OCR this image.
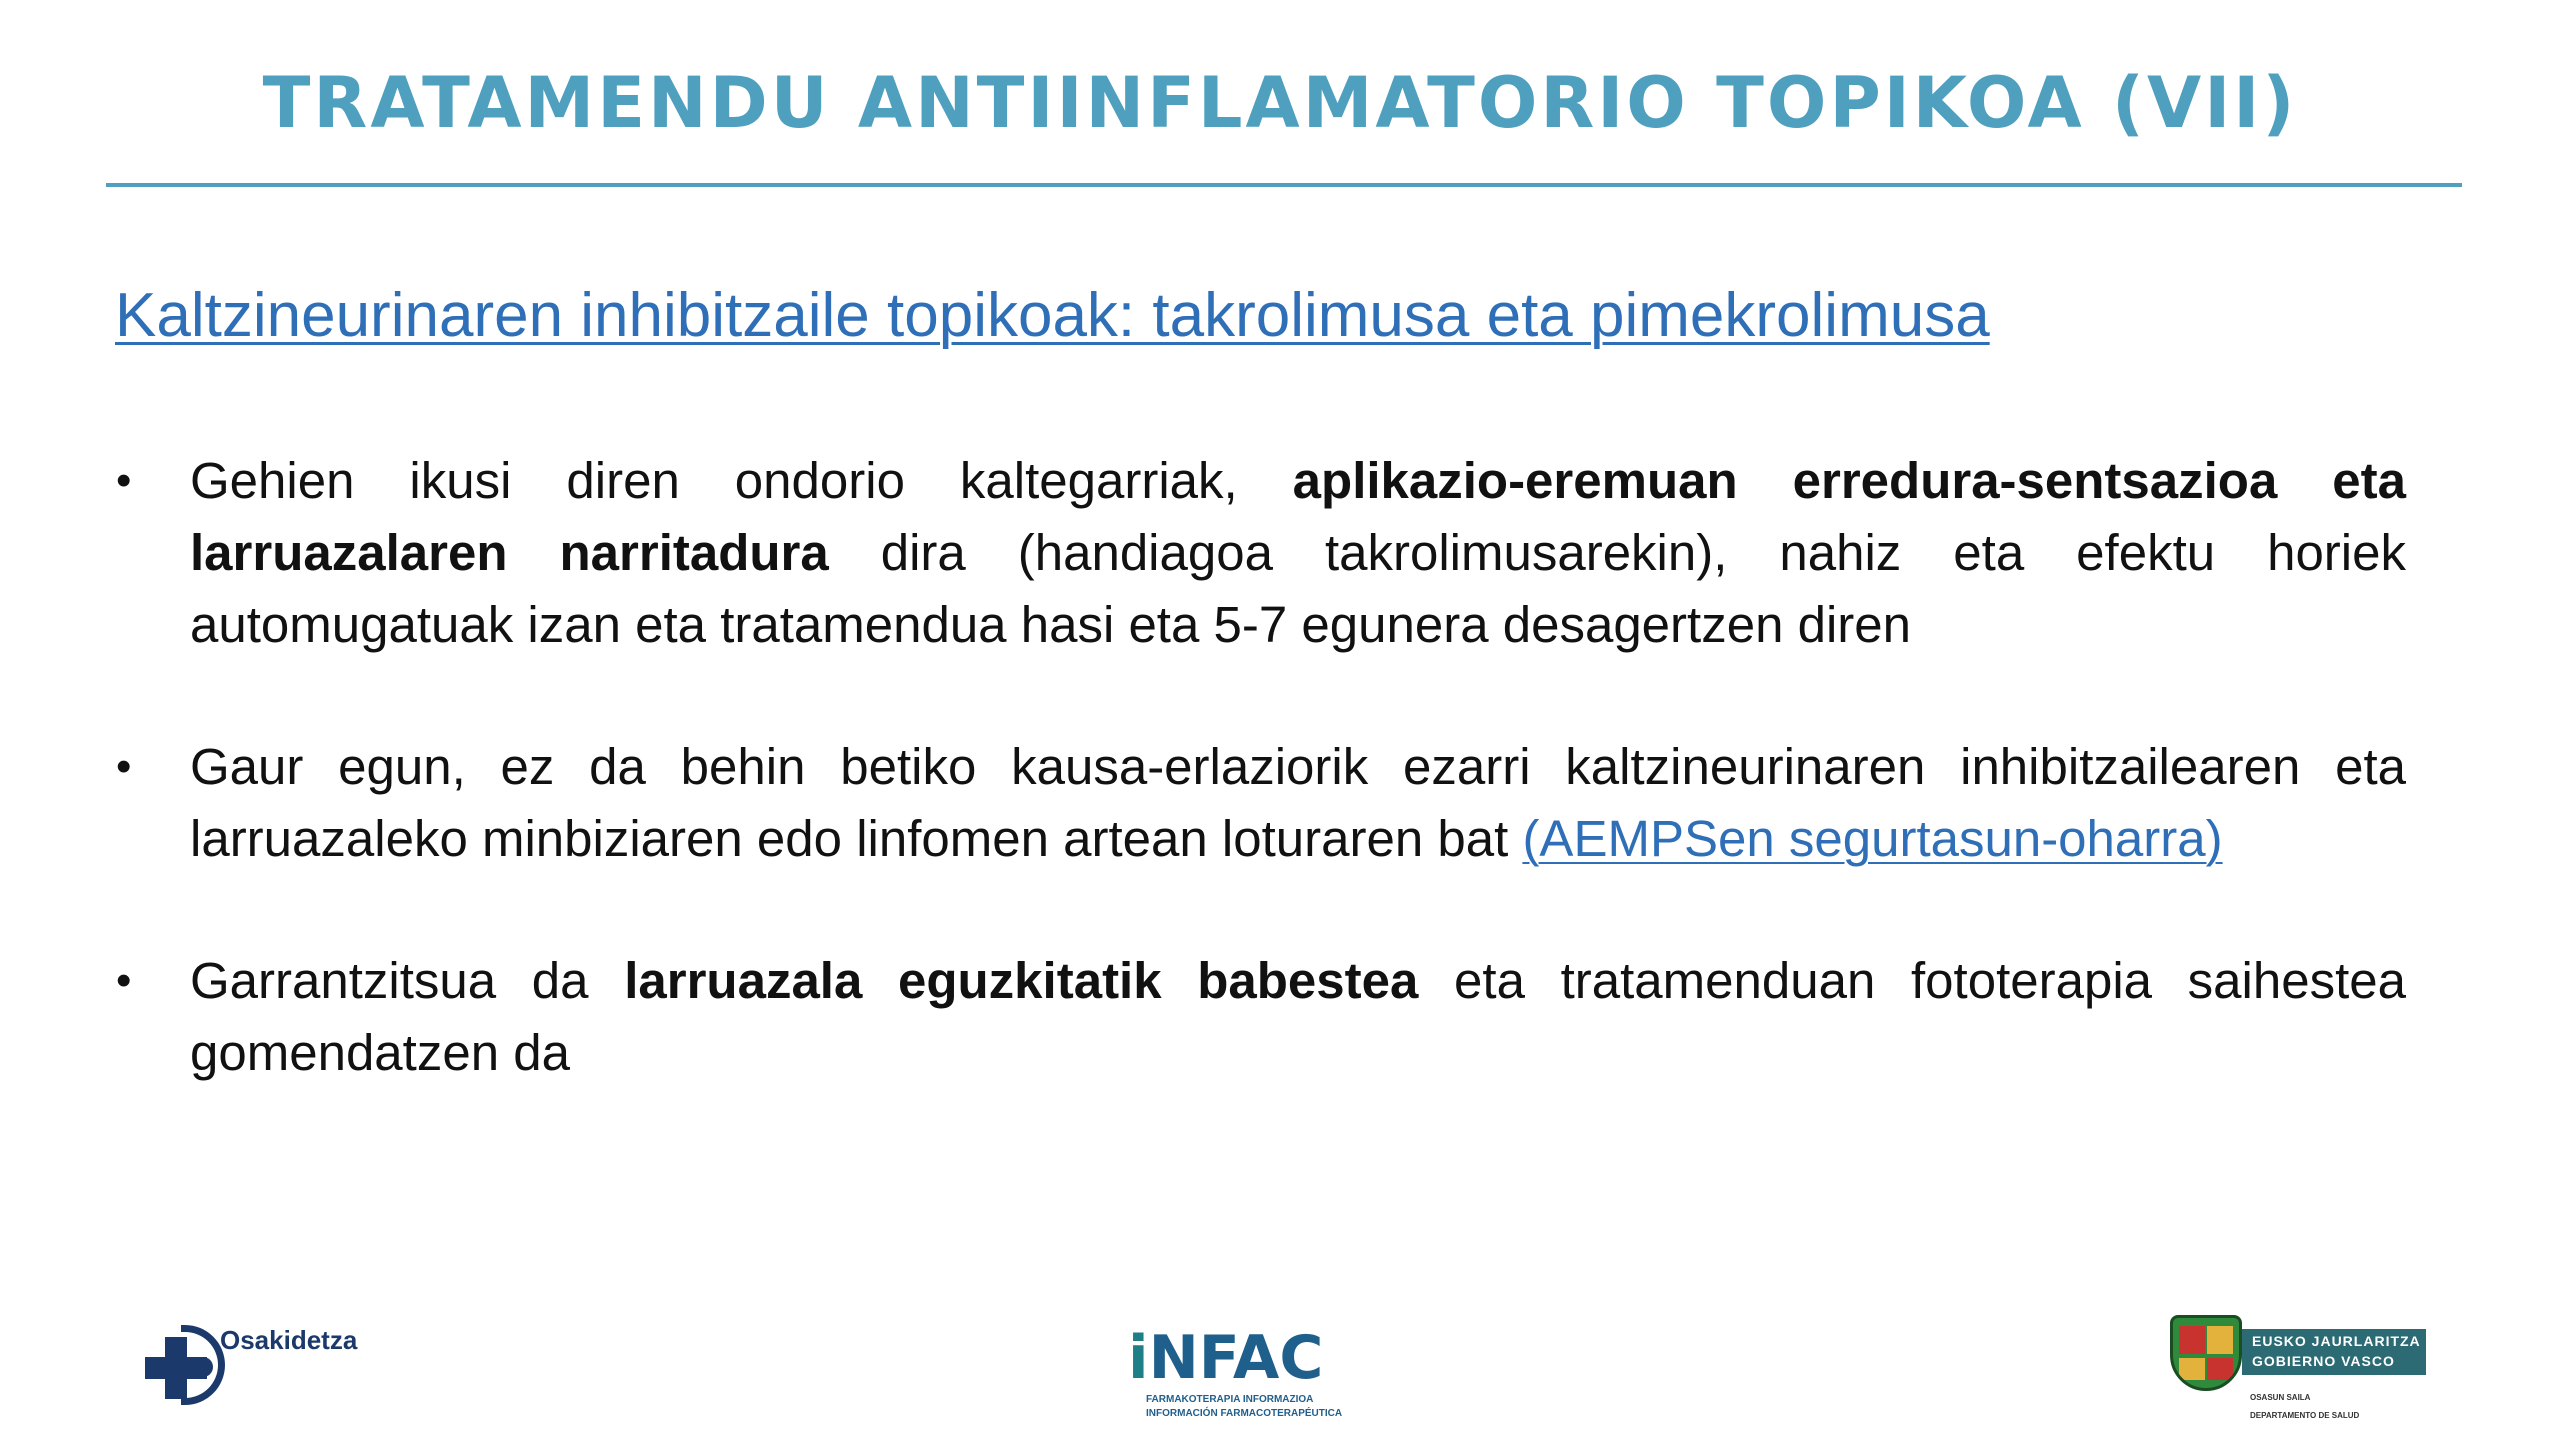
TRATAMENDU ANTIINFLAMATORIO TOPIKOA (VII)
Kaltzineurinaren inhibitzaile topikoak: takrolimusa eta pimekrolimusa
• Gehien ikusi diren ondorio kaltegarriak, aplikazio-eremuan erredura-sentsazioa eta larruazalaren narritadura dira (handiagoa takrolimusarekin), nahiz eta efektu horiek automugatuak izan eta tratamendua hasi eta 5-7 egunera desagertzen diren
• Gaur egun, ez da behin betiko kausa-erlaziorik ezarri kaltzineurinaren inhibitzailearen eta larruazaleko minbiziaren edo linfomen artean loturaren bat (AEMPSen segurtasun-oharra)
• Garrantzitsua da larruazala eguzkitatik babestea eta tratamenduan fototerapia saihestea gomendatzen da
Osakidetza	iNFAC
FARMAKOTERAPIA INFORMAZIOA
INFORMACIÓN FARMACOTERAPÉUTICA
EUSKO JAURLARITZA
GOBIERNO VASCO
OSASUN SAILA
DEPARTAMENTO DE SALUD
